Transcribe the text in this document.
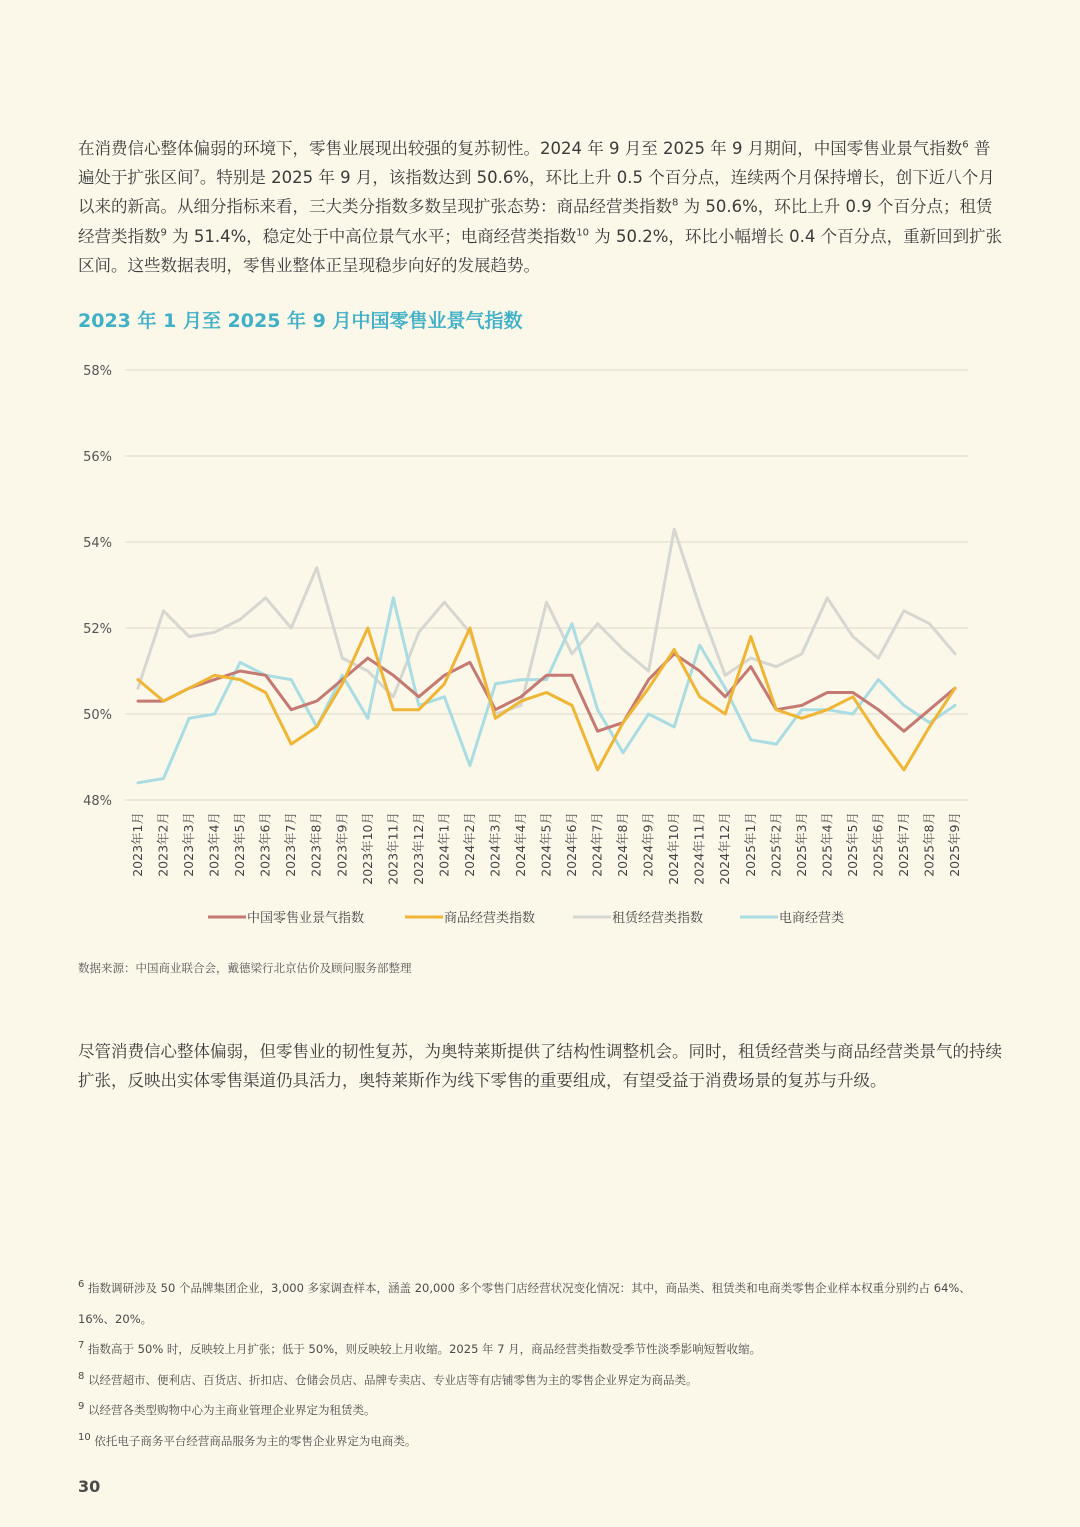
在消费信心整体偏弱的环境下，零售业展现出较强的复苏韧性。2024 年 9 月至 2025 年 9 月期间，中国零售业景气指数$^6$ 普遍处于扩张区间$^7$。特别是 2025 年 9 月，该指数达到 50.6%，环比上升 0.5 个百分点，连续两个月保持增长，创下近八个月以来的新高。从细分指标来看，三大类分指数多数呈现扩张态势：商品经营类指数$^8$ 为 50.6%，环比上升 0.9 个百分点；租赁经营类指数$^9$ 为 51.4%，稳定处于中高位景气水平；电商经营类指数$^{10}$ 为 50.2%，环比小幅增长 0.4 个百分点，重新回到扩张区间。这些数据表明，零售业整体正呈现稳步向好的发展趋势。
2023 年 1 月至 2025 年 9 月中国零售业景气指数
58%
56%
54%
52%
50%
48%
2023年1月 2023年2月 2023年3月 2023年4月 2023年5月 2023年6月 2023年7月 2023年8月 2023年9月 2023年10月 2023年11月 2023年12月 2024年1月 2024年2月 2024年3月 2024年4月 2024年5月 2024年6月 2024年7月 2024年8月 2024年9月 2024年10月 2024年11月 2024年12月 2025年1月 2025年2月 2025年3月 2025年4月 2025年5月 2025年6月 2025年7月 2025年8月 2025年9月
中国零售业景气指数	商品经营类指数	租赁经营类指数	电商经营类
数据来源：中国商业联合会，戴德梁行北京估价及顾问服务部整理
尽管消费信心整体偏弱，但零售业的韧性复苏，为奥特莱斯提供了结构性调整机会。同时，租赁经营类与商品经营类景气的持续扩张，反映出实体零售渠道仍具活力，奥特莱斯作为线下零售的重要组成，有望受益于消费场景的复苏与升级。
$^6$ 指数调研涉及 50 个品牌集团企业，3,000 多家调查样本，涵盖 20,000 多个零售门店经营状况变化情况：其中，商品类、租赁类和电商类零售企业样本权重分别约占 64%、16%、20%。
$^7$ 指数高于 50% 时，反映较上月扩张；低于 50%，则反映较上月收缩。2025 年 7 月，商品经营类指数受季节性淡季影响短暂收缩。
$^8$ 以经营超市、便利店、百货店、折扣店、仓储会员店、品牌专卖店、专业店等有店铺零售为主的零售企业界定为商品类。
$^9$ 以经营各类型购物中心为主商业管理企业界定为租赁类。
$^{10}$ 依托电子商务平台经营商品服务为主的零售企业界定为电商类。
30
